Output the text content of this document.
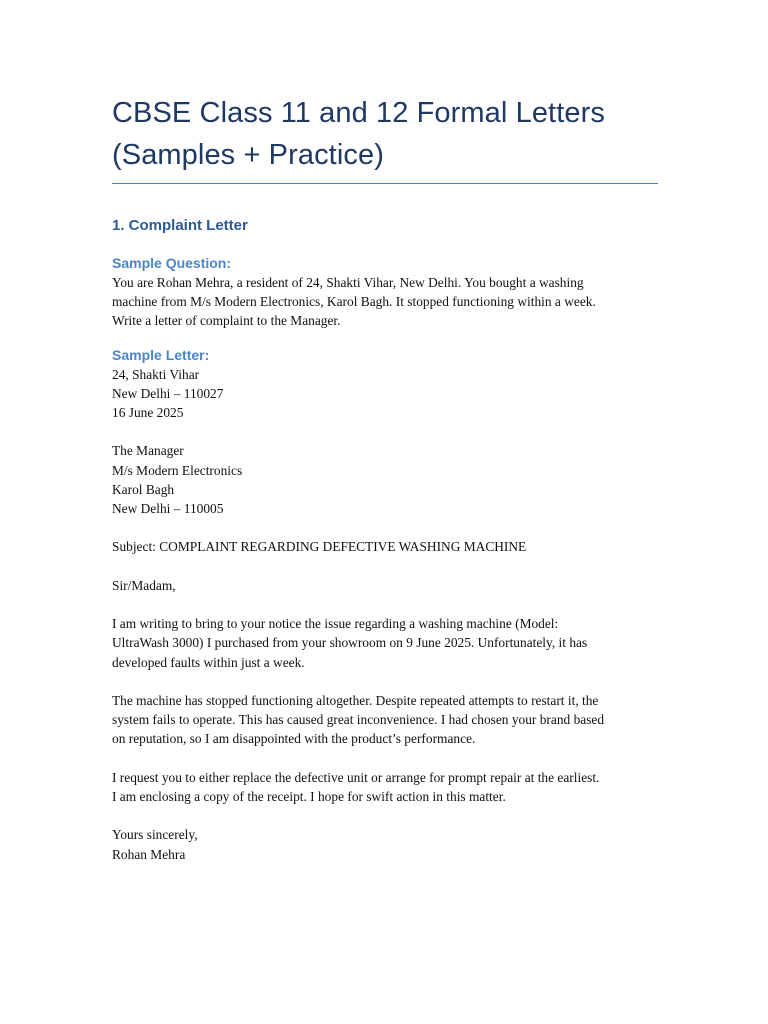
CBSE Class 11 and 12 Formal Letters
(Samples + Practice)
1. Complaint Letter
Sample Question:

You are Rohan Mehra, a resident of 24, Shakti Vihar, New Delhi. You bought a washing
machine from M/s Modern Electronics, Karol Bagh. It stopped functioning within a week.
Write a letter of complaint to the Manager.

Sample Letter:
24, Shakti Vihar
New Delhi – 110027
16 June 2025
The Manager
M/s Modern Electronics
Karol Bagh
New Delhi – 110005
Subject: COMPLAINT REGARDING DEFECTIVE WASHING MACHINE
Sir/Madam,
I am writing to bring to your notice the issue regarding a washing machine (Model:
UltraWash 3000) I purchased from your showroom on 9 June 2025. Unfortunately, it has
developed faults within just a week.
The machine has stopped functioning altogether. Despite repeated attempts to restart it, the
system fails to operate. This has caused great inconvenience. I had chosen your brand based
on reputation, so I am disappointed with the product’s performance.
I request you to either replace the defective unit or arrange for prompt repair at the earliest.
I am enclosing a copy of the receipt. I hope for swift action in this matter.
Yours sincerely,
Rohan Mehra
